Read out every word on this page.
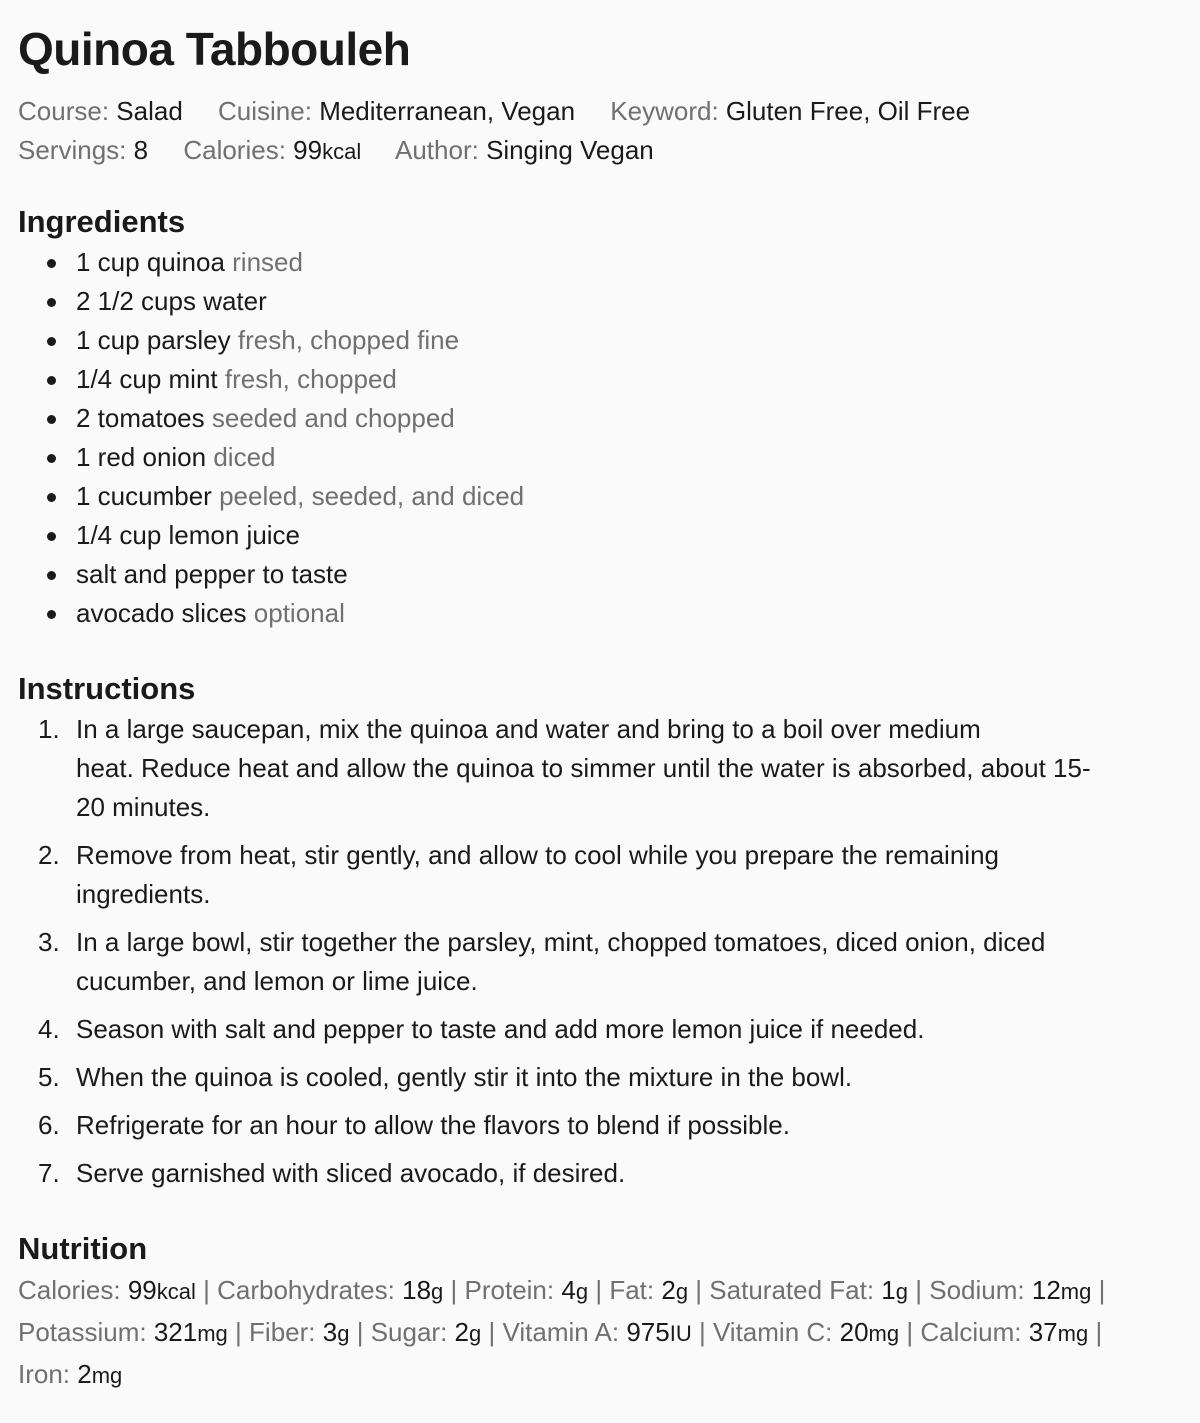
Quinoa Tabbouleh
Course: Salad Cuisine: Mediterranean, Vegan Keyword: Gluten Free, Oil Free
Servings: 8 Calories: 99kcal Author: Singing Vegan
Ingredients
1 cup quinoa rinsed
2 1/2 cups water
1 cup parsley fresh, chopped fine
1/4 cup mint fresh, chopped
2 tomatoes seeded and chopped
1 red onion diced
1 cucumber peeled, seeded, and diced
1/4 cup lemon juice
salt and pepper to taste
avocado slices optional
Instructions
1. In a large saucepan, mix the quinoa and water and bring to a boil over medium
heat. Reduce heat and allow the quinoa to simmer until the water is absorbed, about 15-
20 minutes.
2. Remove from heat, stir gently, and allow to cool while you prepare the remaining
ingredients.
3. In a large bowl, stir together the parsley, mint, chopped tomatoes, diced onion, diced
cucumber, and lemon or lime juice.
4. Season with salt and pepper to taste and add more lemon juice if needed.
5. When the quinoa is cooled, gently stir it into the mixture in the bowl.
6. Refrigerate for an hour to allow the flavors to blend if possible.
7. Serve garnished with sliced avocado, if desired.
Nutrition
Calories: 99kcal | Carbohydrates: 18g | Protein: 4g | Fat: 2g | Saturated Fat: 1g | Sodium: 12mg |
Potassium: 321mg | Fiber: 3g | Sugar: 2g | Vitamin A: 975IU | Vitamin C: 20mg | Calcium: 37mg |
Iron: 2mg
